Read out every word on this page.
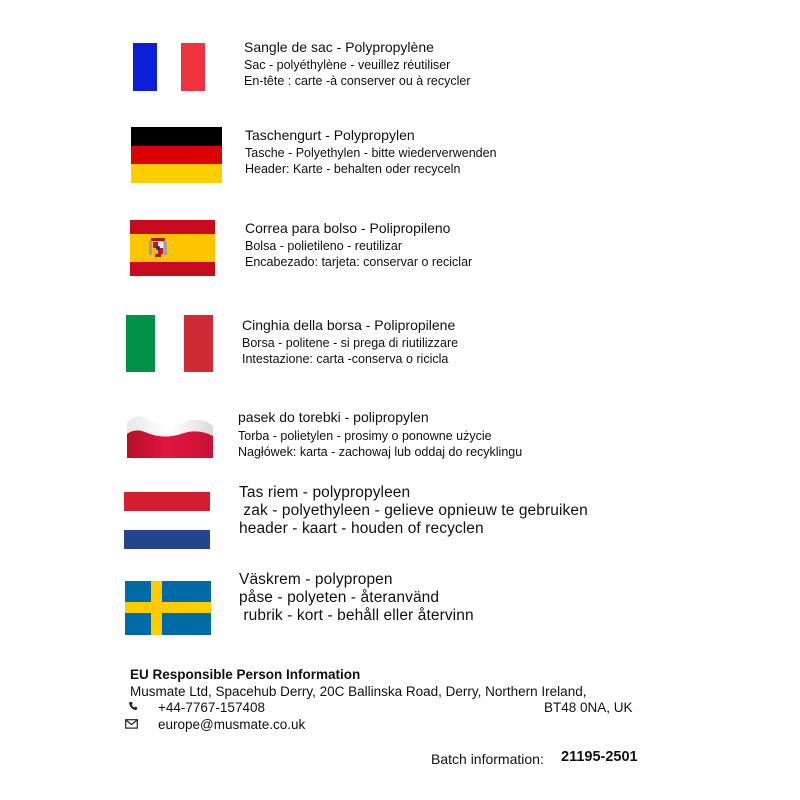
Sangle de sac - Polypropylène
Sac - polyéthylène - veuillez réutiliser
En-tête : carte -à conserver ou à recycler
Taschengurt - Polypropylen
Tasche - Polyethylen - bitte wiederverwenden
Header: Karte - behalten oder recyceln
Correa para bolso - Polipropileno
Bolsa - polietileno - reutilizar
Encabezado: tarjeta: conservar o reciclar
Cinghia della borsa - Polipropilene
Borsa - politene - si prega di riutilizzare
Intestazione: carta -conserva o ricicla
pasek do torebki - polipropylen
Torba - polietylen - prosimy o ponowne użycie
Nagłówek: karta - zachowaj lub oddaj do recyklingu
Tas riem - polypropyleen
zak - polyethyleen - gelieve opnieuw te gebruiken
header - kaart - houden of recyclen
Väskrem - polypropen
påse - polyeten - återanvänd
rubrik - kort - behåll eller återvinn
EU Responsible Person Information
Musmate Ltd, Spacehub Derry, 20C Ballinska Road, Derry, Northern Ireland,
+44-7767-157408	BT48 0NA, UK
europe@musmate.co.uk
Batch information: 21195-2501
